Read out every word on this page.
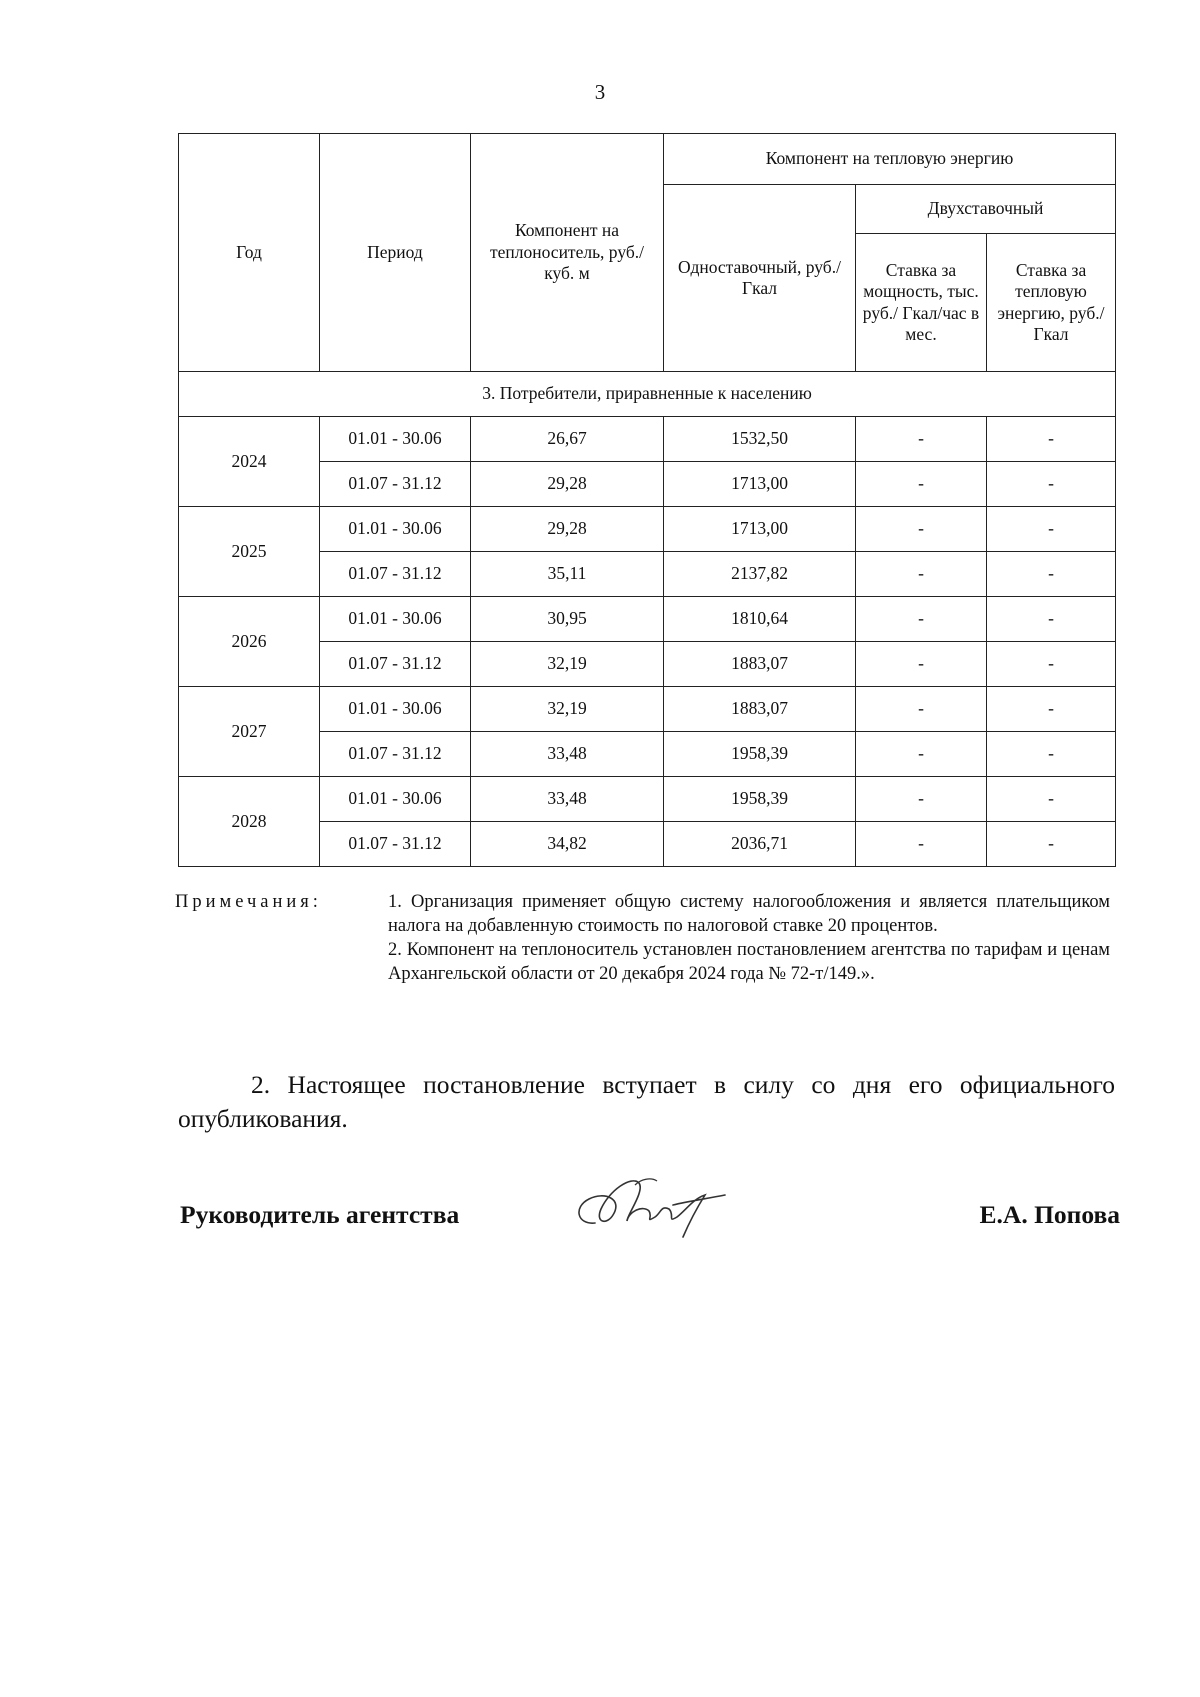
3
Год	Период	Компонент на теплоноситель, руб./куб. м	Компонент на тепловую энергию		
			Одноставочный, руб./Гкал	Двухставочный	
				Ставка за мощность, тыс. руб./ Гкал/час в мес.	Ставка за тепловую энергию, руб./Гкал
3. Потребители, приравненные к населению					
2024	01.01 - 30.06	26,67	1532,50	-	-
	01.07 - 31.12	29,28	1713,00	-	-
2025	01.01 - 30.06	29,28	1713,00	-	-
	01.07 - 31.12	35,11	2137,82	-	-
2026	01.01 - 30.06	30,95	1810,64	-	-
	01.07 - 31.12	32,19	1883,07	-	-
2027	01.01 - 30.06	32,19	1883,07	-	-
	01.07 - 31.12	33,48	1958,39	-	-
2028	01.01 - 30.06	33,48	1958,39	-	-
	01.07 - 31.12	34,82	2036,71	-	-
Примечания:	1. Организация применяет общую систему налогообложения и является плательщиком налога на добавленную стоимость по налоговой ставке 20 процентов.

2. Компонент на теплоноситель установлен постановлением агентства по тарифам и ценам Архангельской области от 20 декабря 2024 года № 72-т/149.».

2. Настоящее постановление вступает в силу со дня его официального опубликования.
Руководитель агентства	Е.А. Попова
